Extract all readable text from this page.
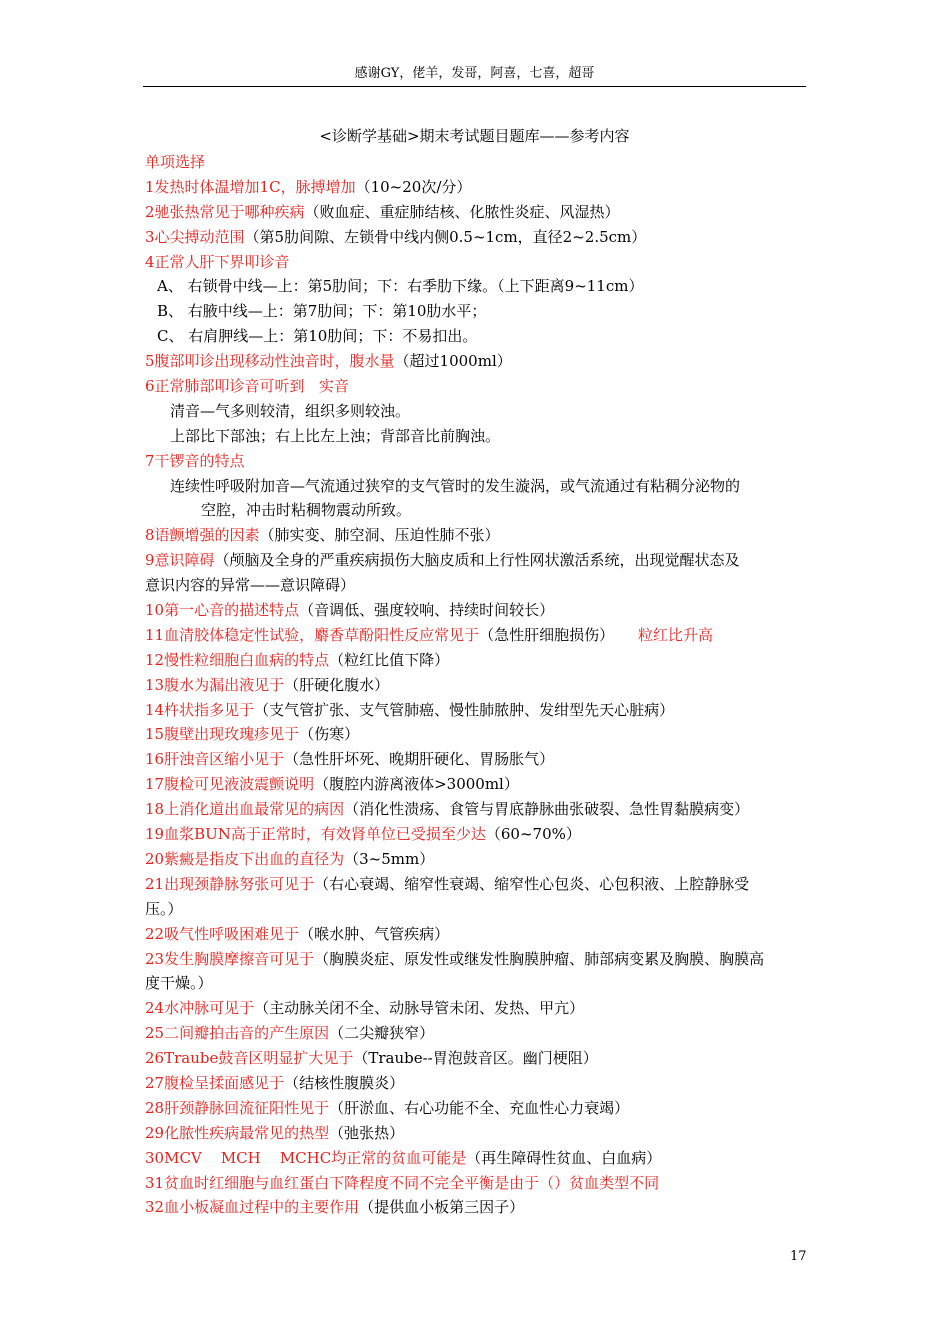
感谢GY，佬羊，发哥，阿喜，七喜，超哥
<诊断学基础>期末考试题目题库——参考内容
单项选择
1发热时体温增加1C，脉搏增加（10~20次/分）
2驰张热常见于哪种疾病（败血症、重症肺结核、化脓性炎症、风湿热）
3心尖搏动范围（第5肋间隙、左锁骨中线内侧0.5~1cm，直径2~2.5cm）
4正常人肝下界叩诊音
A、 右锁骨中线—上：第5肋间；下：右季肋下缘。（上下距离9~11cm）
B、 右腋中线—上：第7肋间；下：第10肋水平；
C、 右肩胛线—上：第10肋间；下：不易扣出。
5腹部叩诊出现移动性浊音时，腹水量（超过1000ml）
6正常肺部叩诊音可听到   实音
清音—气多则较清，组织多则较浊。
上部比下部浊；右上比左上浊；背部音比前胸浊。
7干锣音的特点
连续性呼吸附加音—气流通过狭窄的支气管时的发生漩涡，或气流通过有粘稠分泌物的
空腔，冲击时粘稠物震动所致。
8语颤增强的因素（肺实变、肺空洞、压迫性肺不张）
9意识障碍（颅脑及全身的严重疾病损伤大脑皮质和上行性网状激活系统，出现觉醒状态及
意识内容的异常——意识障碍）
10第一心音的描述特点（音调低、强度较响、持续时间较长）
11血清胶体稳定性试验，麝香草酚阳性反应常见于（急性肝细胞损伤）     粒红比升高
12慢性粒细胞白血病的特点（粒红比值下降）
13腹水为漏出液见于（肝硬化腹水）
14杵状指多见于（支气管扩张、支气管肺癌、慢性肺脓肿、发绀型先天心脏病）
15腹壁出现玫瑰疹见于（伤寒）
16肝浊音区缩小见于（急性肝坏死、晚期肝硬化、胃肠胀气）
17腹检可见液波震颤说明（腹腔内游离液体>3000ml）
18上消化道出血最常见的病因（消化性溃疡、食管与胃底静脉曲张破裂、急性胃黏膜病变）
19血浆BUN高于正常时，有效肾单位已受损至少达（60~70%）
20紫癜是指皮下出血的直径为（3~5mm）
21出现颈静脉努张可见于（右心衰竭、缩窄性衰竭、缩窄性心包炎、心包积液、上腔静脉受
压。）
22吸气性呼吸困难见于（喉水肿、气管疾病）
23发生胸膜摩擦音可见于（胸膜炎症、原发性或继发性胸膜肿瘤、肺部病变累及胸膜、胸膜高
度干燥。）
24水冲脉可见于（主动脉关闭不全、动脉导管未闭、发热、甲亢）
25二间瓣拍击音的产生原因（二尖瓣狭窄）
26Traube鼓音区明显扩大见于（Traube--胃泡鼓音区。幽门梗阻）
27腹检呈揉面感见于（结核性腹膜炎）
28肝颈静脉回流征阳性见于（肝淤血、右心功能不全、充血性心力衰竭）
29化脓性疾病最常见的热型（弛张热）
30MCV    MCH    MCHC均正常的贫血可能是（再生障碍性贫血、白血病）
31贫血时红细胞与血红蛋白下降程度不同不完全平衡是由于（）贫血类型不同
32血小板凝血过程中的主要作用（提供血小板第三因子）
17
